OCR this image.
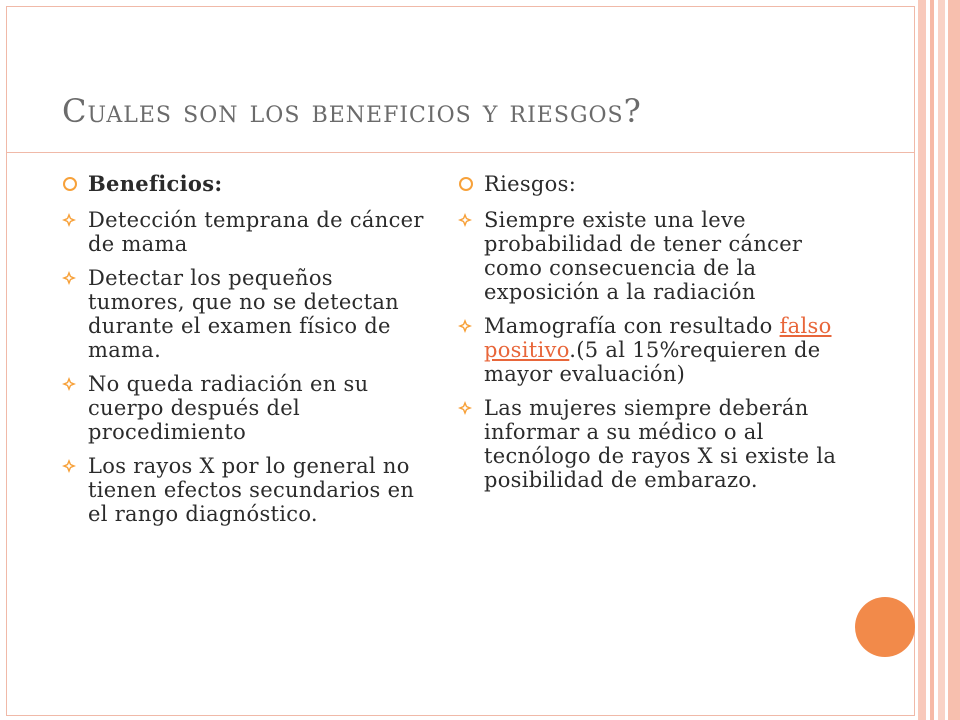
Cuales son los beneficios y riesgos?
Beneficios:
Detección temprana de cáncer de mama
Detectar los pequeños tumores, que no se detectan durante el examen físico de mama.
No queda radiación en su cuerpo después del procedimiento
Los rayos X por lo general no tienen efectos secundarios en el rango diagnóstico.
Riesgos:
Siempre existe una leve probabilidad de tener cáncer como consecuencia de la exposición a la radiación
Mamografía con resultado falso positivo.(5 al 15%requieren de mayor evaluación)
Las mujeres siempre deberán informar a su médico o al tecnólogo de rayos X si existe la posibilidad de embarazo.
